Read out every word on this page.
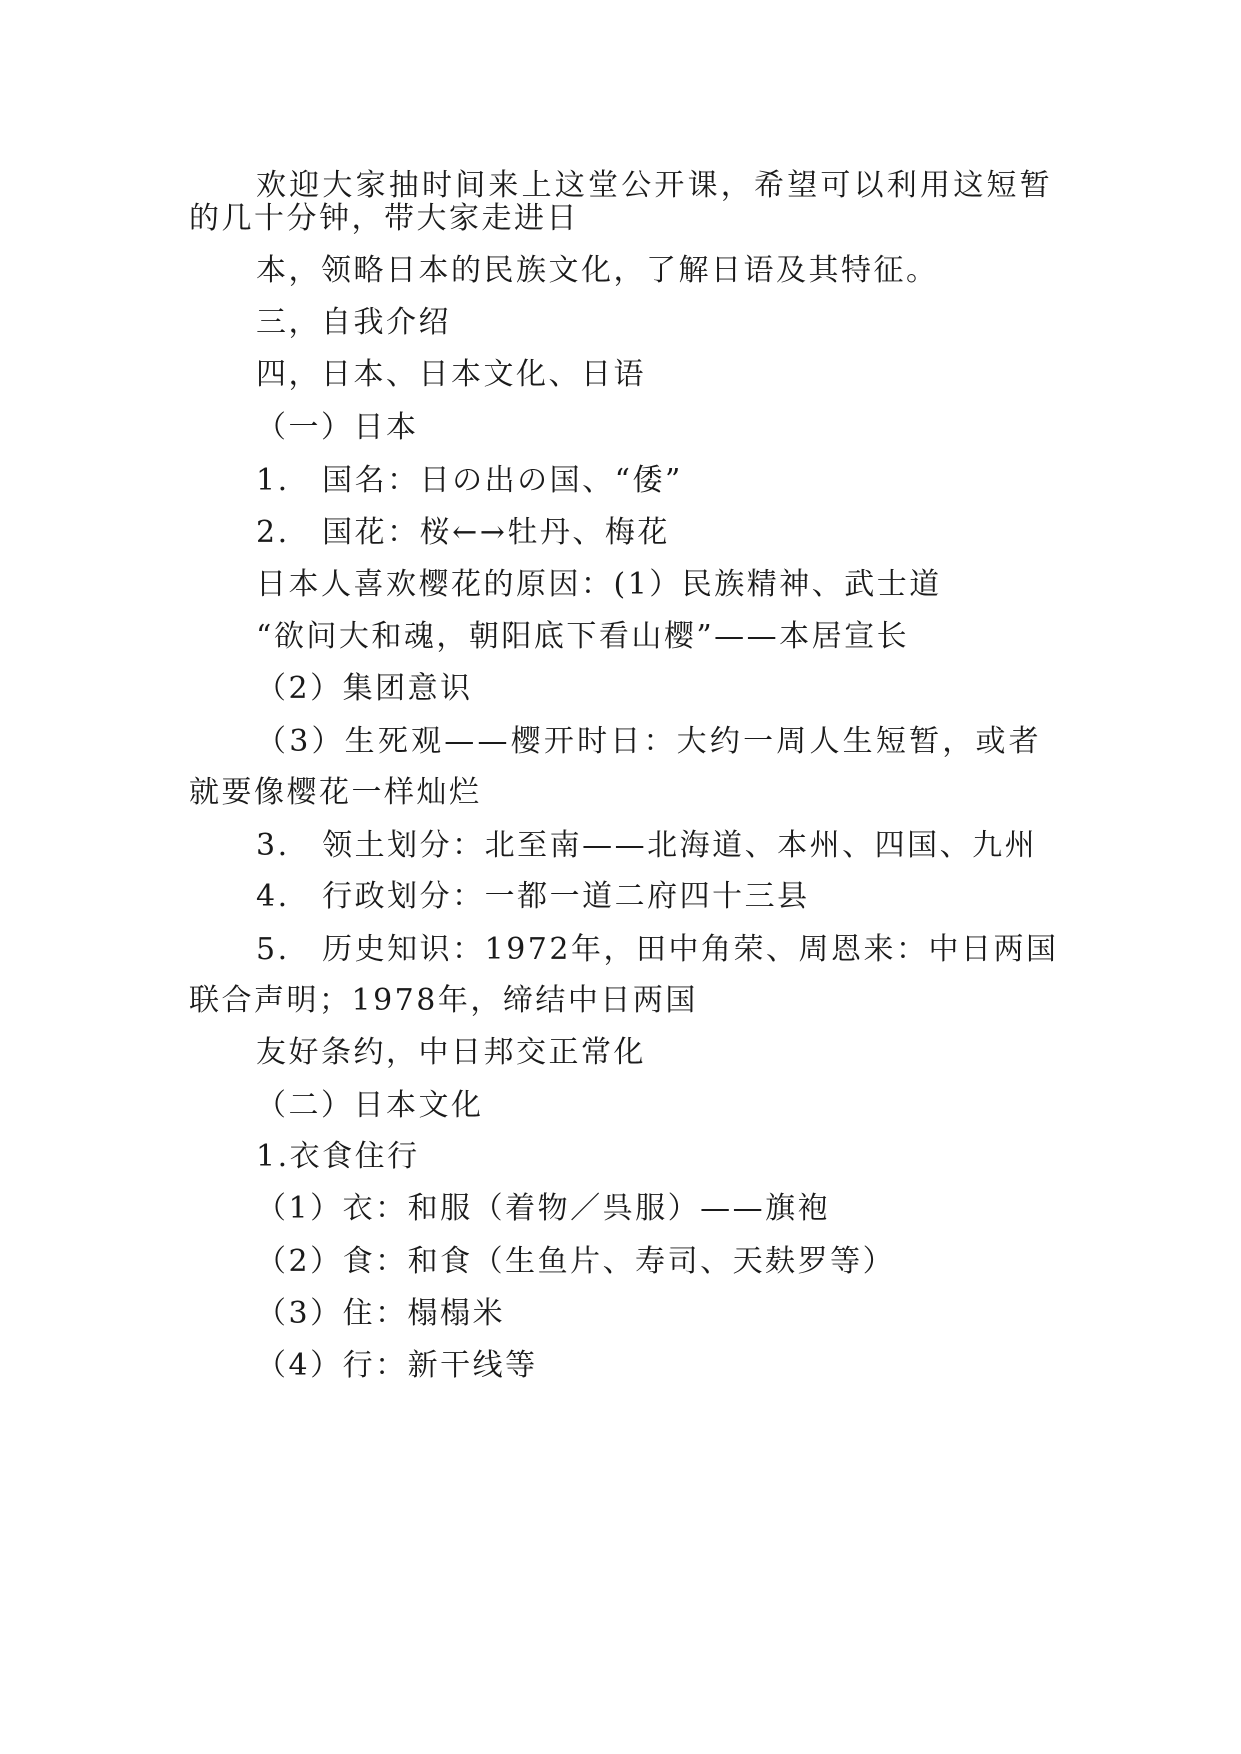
欢迎大家抽时间来上这堂公开课，希望可以利用这短暂
的几十分钟，带大家走进日
本，领略日本的民族文化，了解日语及其特征。
三，自我介绍
四，日本、日本文化、日语
（一）日本
1.　国名：日の出の国、“倭”
2.　国花：桜←→牡丹、梅花
日本人喜欢樱花的原因：(1）民族精神、武士道
“欲问大和魂，朝阳底下看山樱”——本居宣长
（2）集团意识
（3）生死观——樱开时日：大约一周人生短暂，或者
就要像樱花一样灿烂
3.　领土划分：北至南——北海道、本州、四国、九州
4.　行政划分：一都一道二府四十三县
5.　历史知识：1972年，田中角荣、周恩来：中日两国
联合声明；1978年，缔结中日两国
友好条约，中日邦交正常化
（二）日本文化
1.衣食住行
（1）衣：和服（着物／呉服）——旗袍
（2）食：和食（生鱼片、寿司、天麸罗等）
（3）住：榻榻米
（4）行：新干线等
